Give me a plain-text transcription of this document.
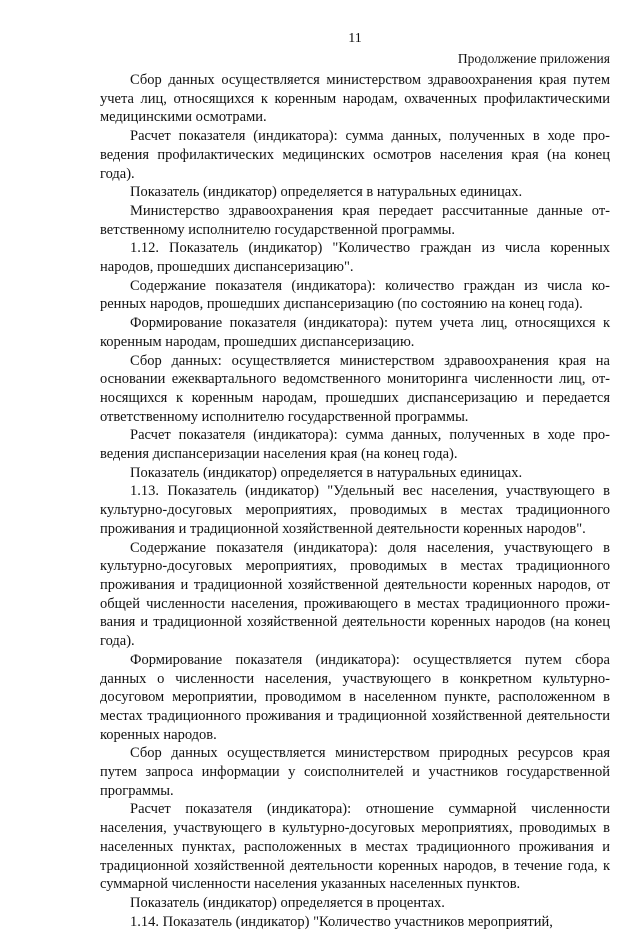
11
Продолжение приложения

Сбор данных осуществляется министерством здравоохранения края путем учета лиц, относящихся к коренным народам, охваченных профилактическими медицинскими осмотрами.

Расчет показателя (индикатора): сумма данных, полученных в ходе проведения профилактических медицинских осмотров населения края (на конец года).

Показатель (индикатор) определяется в натуральных единицах.

Министерство здравоохранения края передает рассчитанные данные ответственному исполнителю государственной программы.

1.12. Показатель (индикатор) "Количество граждан из числа коренных народов, прошедших диспансеризацию".

Содержание показателя (индикатора): количество граждан из числа коренных народов, прошедших диспансеризацию (по состоянию на конец года).

Формирование показателя (индикатора): путем учета лиц, относящихся к коренным народам, прошедших диспансеризацию.

Сбор данных: осуществляется министерством здравоохранения края на основании ежеквартального ведомственного мониторинга численности лиц, относящихся к коренным народам, прошедших диспансеризацию и передается ответственному исполнителю государственной программы.

Расчет показателя (индикатора): сумма данных, полученных в ходе проведения диспансеризации населения края (на конец года).

Показатель (индикатор) определяется в натуральных единицах.

1.13. Показатель (индикатор) "Удельный вес населения, участвующего в культурно-досуговых мероприятиях, проводимых в местах традиционного проживания и традиционной хозяйственной деятельности коренных народов".

Содержание показателя (индикатора): доля населения, участвующего в культурно-досуговых мероприятиях, проводимых в местах традиционного проживания и традиционной хозяйственной деятельности коренных народов, от общей численности населения, проживающего в местах традиционного проживания и традиционной хозяйственной деятельности коренных народов (на конец года).

Формирование показателя (индикатора): осуществляется путем сбора данных о численности населения, участвующего в конкретном культурно-досуговом мероприятии, проводимом в населенном пункте, расположенном в местах традиционного проживания и традиционной хозяйственной деятельности коренных народов.

Сбор данных осуществляется министерством природных ресурсов края путем запроса информации у соисполнителей и участников государственной программы.

Расчет показателя (индикатора): отношение суммарной численности населения, участвующего в культурно-досуговых мероприятиях, проводимых в населенных пунктах, расположенных в местах традиционного проживания и традиционной хозяйственной деятельности коренных народов, в течение года, к суммарной численности населения указанных населенных пунктов.

Показатель (индикатор) определяется в процентах.

1.14. Показатель (индикатор) "Количество участников мероприятий,
